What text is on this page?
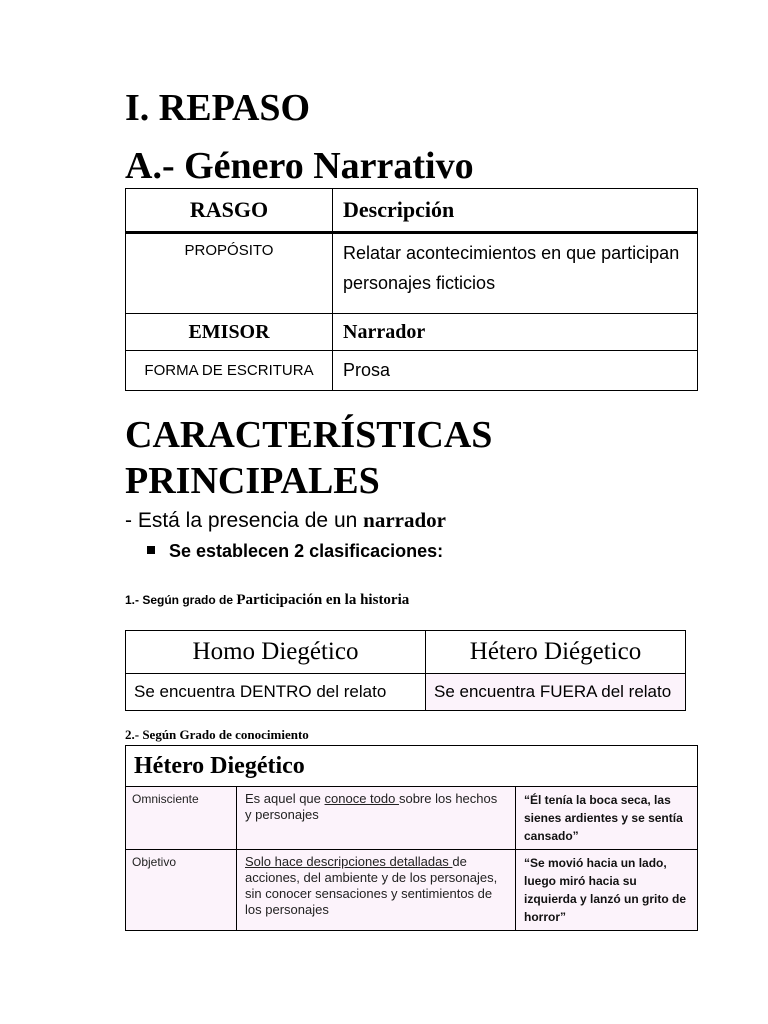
I. REPASO
A.- Género Narrativo
RASGO	Descripción
PROPÓSITO	Relatar acontecimientos en que participan personajes ficticios
EMISOR	Narrador
FORMA DE ESCRITURA	Prosa
CARACTERÍSTICAS PRINCIPALES
- Está la presencia de un narrador
Se establecen 2 clasificaciones:
1.- Según grado de Participación en la historia
Homo Diegético	Hétero Diégetico
Se encuentra DENTRO del relato	Se encuentra FUERA del relato
2.- Según Grado de conocimiento
Hétero Diegético		
Omnisciente	Es aquel que conoce todo sobre los hechos y personajes	“Él tenía la boca seca, las sienes ardientes y se sentía cansado”
Objetivo	Solo hace descripciones detalladas de acciones, del ambiente y de los personajes, sin conocer sensaciones y sentimientos de los personajes	“Se movió hacia un lado, luego miró hacia su izquierda y lanzó un grito de horror”
